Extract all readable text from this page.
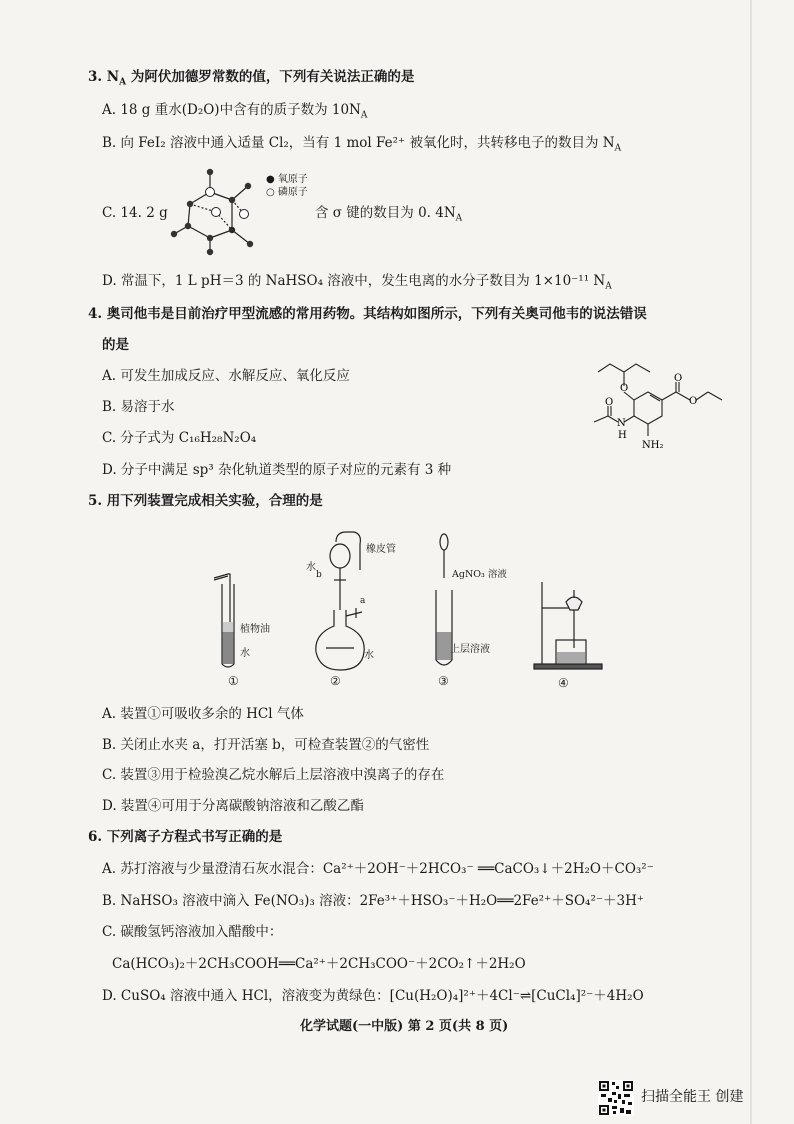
3. $N_A$ 为阿伏加德罗常数的值，下列有关说法正确的是
A. 18 g 重水(D₂O)中含有的质子数为 $10N_A$
B. 向 FeI₂ 溶液中通入适量 Cl₂，当有 1 mol Fe²⁺ 被氧化时，共转移电子的数目为 $N_A$
C. 14. 2 g
● 氧原子
○ 磷原子
含 σ 键的数目为 0. $4N_A$
D. 常温下，1 L pH＝3 的 NaHSO₄ 溶液中，发生电离的水分子数目为 1×10⁻¹¹ $N_A$
4. 奥司他韦是目前治疗甲型流感的常用药物。其结构如图所示，下列有关奥司他韦的说法错误
的是
A. 可发生加成反应、水解反应、氧化反应
B. 易溶于水
C. 分子式为 C₁₆H₂₈N₂O₄
D. 分子中满足 sp³ 杂化轨道类型的原子对应的元素有 3 种
O
O
O
O
N
H
NH₂
5. 用下列装置完成相关实验，合理的是
植物油
水
①
橡皮管
水
b
a
水
②
AgNO₃ 溶液
上层溶液
③	④
A. 装置①可吸收多余的 HCl 气体
B. 关闭止水夹 a，打开活塞 b，可检查装置②的气密性
C. 装置③用于检验溴乙烷水解后上层溶液中溴离子的存在
D. 装置④可用于分离碳酸钠溶液和乙酸乙酯
6. 下列离子方程式书写正确的是
A. 苏打溶液与少量澄清石灰水混合：Ca²⁺＋2OH⁻＋2HCO₃⁻ ══CaCO₃↓＋2H₂O＋CO₃²⁻
B. NaHSO₃ 溶液中滴入 Fe(NO₃)₃ 溶液：2Fe³⁺＋HSO₃⁻＋H₂O══2Fe²⁺＋SO₄²⁻＋3H⁺
C. 碳酸氢钙溶液加入醋酸中：
Ca(HCO₃)₂＋2CH₃COOH══Ca²⁺＋2CH₃COO⁻＋2CO₂↑＋2H₂O
D. CuSO₄ 溶液中通入 HCl，溶液变为黄绿色：[Cu(H₂O)₄]²⁺＋4Cl⁻⇌[CuCl₄]²⁻＋4H₂O
化学试题(一中版) 第 2 页(共 8 页)
扫描全能王 创建
